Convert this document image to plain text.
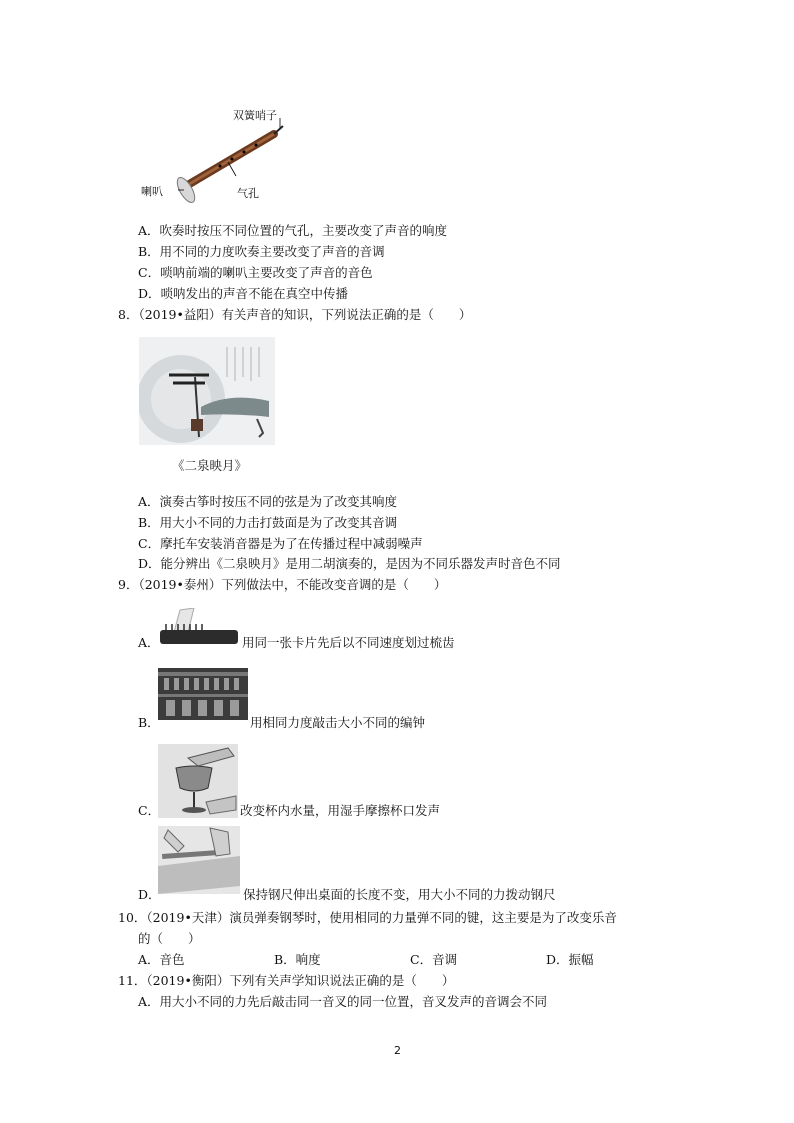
双簧哨子
喇叭	气孔
A．吹奏时按压不同位置的气孔，主要改变了声音的响度
B．用不同的力度吹奏主要改变了声音的音调
C．唢呐前端的喇叭主要改变了声音的音色
D．唢呐发出的声音不能在真空中传播
8．（2019•益阳）有关声音的知识，下列说法正确的是（　　）
《二泉映月》
A．演奏古筝时按压不同的弦是为了改变其响度
B．用大小不同的力击打鼓面是为了改变其音调
C．摩托车安装消音器是为了在传播过程中减弱噪声
D．能分辨出《二泉映月》是用二胡演奏的，是因为不同乐器发声时音色不同
9．（2019•泰州）下列做法中，不能改变音调的是（　　）
A．	用同一张卡片先后以不同速度划过梳齿
B．	用相同力度敲击大小不同的编钟
C．	改变杯内水量，用湿手摩擦杯口发声
D．	保持钢尺伸出桌面的长度不变，用大小不同的力拨动钢尺
10．（2019•天津）演员弹奏钢琴时，使用相同的力量弹不同的键，这主要是为了改变乐音
的（　　）
A．音色	B．响度	C．音调	D．振幅
11．（2019•衡阳）下列有关声学知识说法正确的是（　　）
A．用大小不同的力先后敲击同一音叉的同一位置，音叉发声的音调会不同
2
